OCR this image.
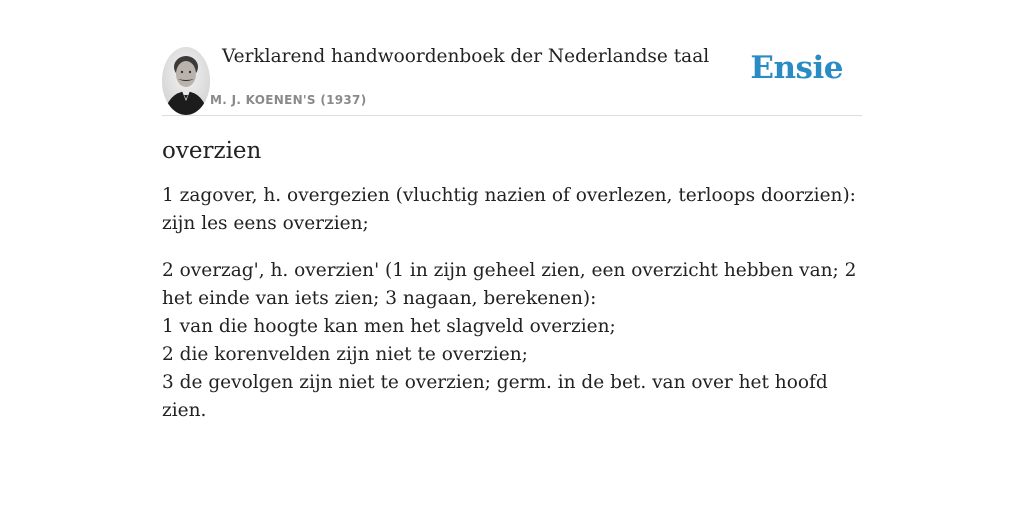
Verklarend handwoordenboek der Nederlandse taal
M. J. KOENEN'S (1937)
Ensie
overzien

1 zagover, h. overgezien (vluchtig nazien of overlezen, terloops doorzien): zijn les eens overzien;

2 overzag', h. overzien' (1 in zijn geheel zien, een overzicht hebben van; 2 het einde van iets zien; 3 nagaan, berekenen):
1 van die hoogte kan men het slagveld overzien;
2 die korenvelden zijn niet te overzien;
3 de gevolgen zijn niet te overzien; germ. in de bet. van over het hoofd zien.
